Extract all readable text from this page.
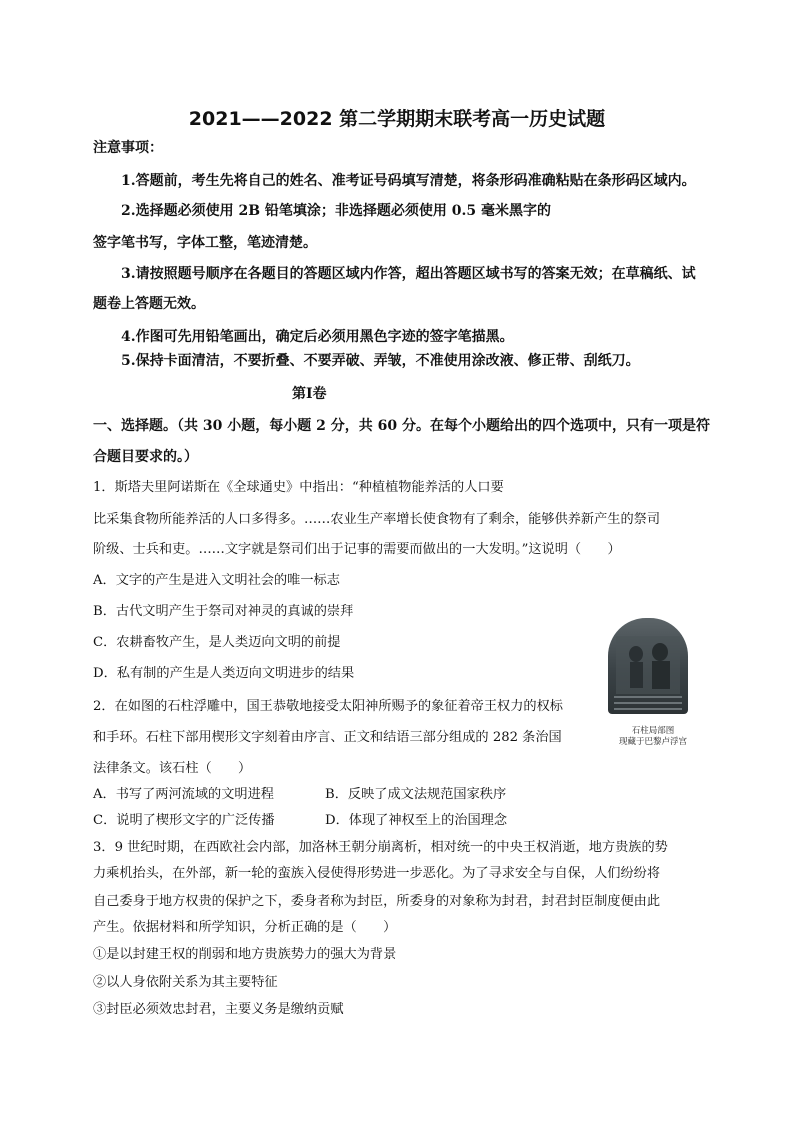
2021——2022 第二学期期末联考高一历史试题
注意事项：
1.答题前，考生先将自己的姓名、准考证号码填写清楚，将条形码准确粘贴在条形码区域内。
2.选择题必须使用 2B 铅笔填涂；非选择题必须使用 0.5 毫米黑字的
签字笔书写，字体工整，笔迹清楚。
3.请按照题号顺序在各题目的答题区域内作答，超出答题区域书写的答案无效；在草稿纸、试
题卷上答题无效。
4.作图可先用铅笔画出，确定后必须用黑色字迹的签字笔描黑。
5.保持卡面清洁，不要折叠、不要弄破、弄皱，不准使用涂改液、修正带、刮纸刀。
第Ⅰ卷
一、选择题。（共 30 小题，每小题 2 分，共 60 分。在每个小题给出的四个选项中，只有一项是符
合题目要求的。）
1．斯塔夫里阿诺斯在《全球通史》中指出：“种植植物能养活的人口要
比采集食物所能养活的人口多得多。……农业生产率增长使食物有了剩余，能够供养新产生的祭司
阶级、士兵和吏。……文字就是祭司们出于记事的需要而做出的一大发明。”这说明（　　）
A．文字的产生是进入文明社会的唯一标志
B．古代文明产生于祭司对神灵的真诚的崇拜
C．农耕畜牧产生，是人类迈向文明的前提
D．私有制的产生是人类迈向文明进步的结果
石柱局部图
现藏于巴黎卢浮宫
2．在如图的石柱浮雕中，国王恭敬地接受太阳神所赐予的象征着帝王权力的权标
和手环。石柱下部用楔形文字刻着由序言、正文和结语三部分组成的 282 条治国
法律条文。该石柱（　　）
A．书写了两河流域的文明进程	B．反映了成文法规范国家秩序
C．说明了楔形文字的广泛传播	D．体现了神权至上的治国理念
3．9 世纪时期，在西欧社会内部，加洛林王朝分崩离析，相对统一的中央王权消逝，地方贵族的势
力乘机抬头，在外部，新一轮的蛮族入侵使得形势进一步恶化。为了寻求安全与自保，人们纷纷将
自己委身于地方权贵的保护之下，委身者称为封臣，所委身的对象称为封君，封君封臣制度便由此
产生。依据材料和所学知识，分析正确的是（　　）
①是以封建王权的削弱和地方贵族势力的强大为背景
②以人身依附关系为其主要特征
③封臣必须效忠封君，主要义务是缴纳贡赋
